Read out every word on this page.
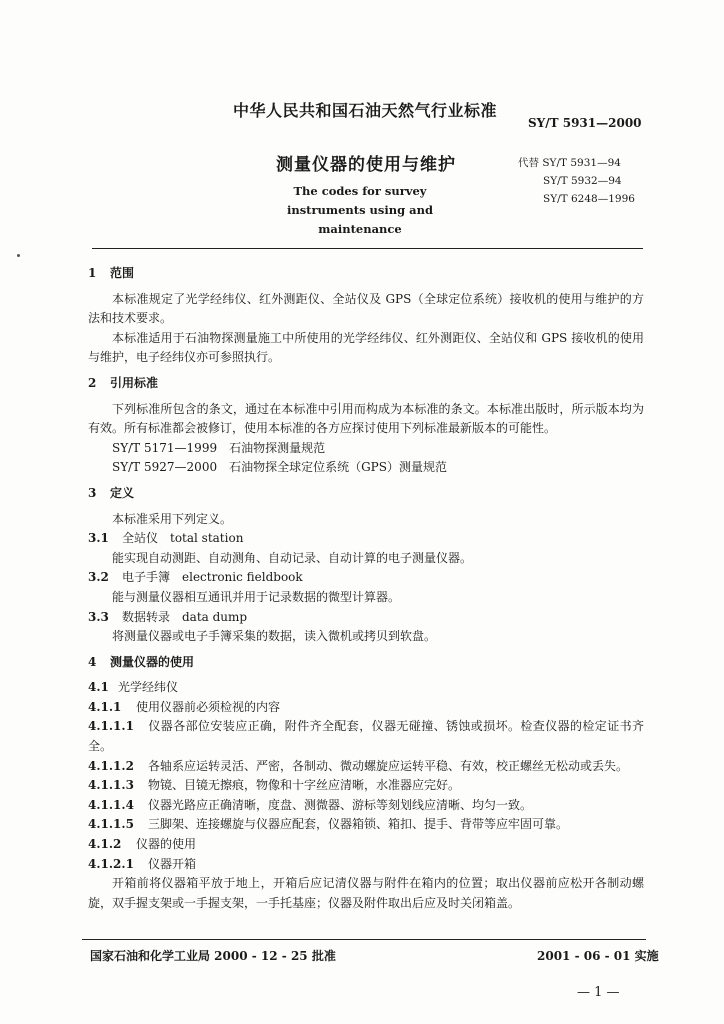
中华人民共和国石油天然气行业标准
SY/T 5931—2000
测量仪器的使用与维护
The codes for survey instruments using and maintenance
代替 SY/T 5931—94
SY/T 5932—94
SY/T 6248—1996
1 范围
本标准规定了光学经纬仪、红外测距仪、全站仪及 GPS（全球定位系统）接收机的使用与维护的方法和技术要求。
本标准适用于石油物探测量施工中所使用的光学经纬仪、红外测距仪、全站仪和 GPS 接收机的使用与维护，电子经纬仪亦可参照执行。
2 引用标准
下列标准所包含的条文，通过在本标准中引用而构成为本标准的条文。本标准出版时，所示版本均为有效。所有标准都会被修订，使用本标准的各方应探讨使用下列标准最新版本的可能性。
SY/T 5171—1999　石油物探测量规范
SY/T 5927—2000　石油物探全球定位系统（GPS）测量规范
3 定义
本标准采用下列定义。
3.1 全站仪　total station
能实现自动测距、自动测角、自动记录、自动计算的电子测量仪器。
3.2 电子手簿　electronic fieldbook
能与测量仪器相互通讯并用于记录数据的微型计算器。
3.3 数据转录　data dump
将测量仪器或电子手簿采集的数据，读入微机或拷贝到软盘。
4 测量仪器的使用
4.1 光学经纬仪
4.1.1 使用仪器前必须检视的内容
4.1.1.1 仪器各部位安装应正确，附件齐全配套，仪器无碰撞、锈蚀或损坏。检查仪器的检定证书齐全。
4.1.1.2 各轴系应运转灵活、严密，各制动、微动螺旋应运转平稳、有效，校正螺丝无松动或丢失。
4.1.1.3 物镜、目镜无擦痕，物像和十字丝应清晰，水准器应完好。
4.1.1.4 仪器光路应正确清晰，度盘、测微器、游标等刻划线应清晰、均匀一致。
4.1.1.5 三脚架、连接螺旋与仪器应配套，仪器箱锁、箱扣、提手、背带等应牢固可靠。
4.1.2 仪器的使用
4.1.2.1 仪器开箱
开箱前将仪器箱平放于地上，开箱后应记清仪器与附件在箱内的位置；取出仪器前应松开各制动螺旋，双手握支架或一手握支架，一手托基座；仪器及附件取出后应及时关闭箱盖。
国家石油和化学工业局 2000 - 12 - 25 批准	2001 - 06 - 01 实施
— 1 —
